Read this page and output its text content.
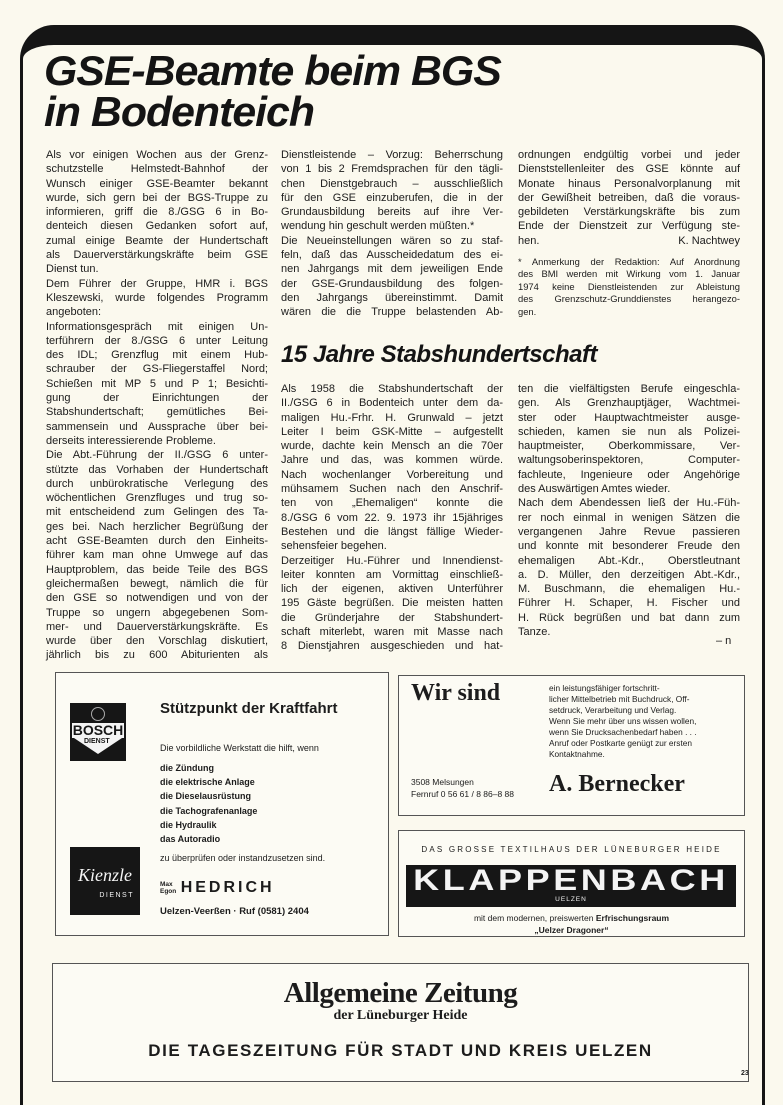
GSE-Beamte beim BGS
in Bodenteich
Als vor einigen Wochen aus der Grenz-
schutzstelle Helmstedt-Bahnhof der
Wunsch einiger GSE-Beamter bekannt
wurde, sich gern bei der BGS-Truppe zu
informieren, griff die 8./GSG 6 in Bo-
denteich diesen Gedanken sofort auf,
zumal einige Beamte der Hundertschaft
als Dauerverstärkungskräfte beim GSE
Dienst tun.
Dem Führer der Gruppe, HMR i. BGS
Kleszewski, wurde folgendes Programm
angeboten:
Informationsgespräch mit einigen Un-
terführern der 8./GSG 6 unter Leitung
des IDL; Grenzflug mit einem Hub-
schrauber der GS-Fliegerstaffel Nord;
Schießen mit MP 5 und P 1; Besichti-
gung der Einrichtungen der
Stabshundertschaft; gemütliches Bei-
sammensein und Aussprache über bei-
derseits interessierende Probleme.
Die Abt.-Führung der II./GSG 6 unter-
stützte das Vorhaben der Hundertschaft
durch unbürokratische Verlegung des
wöchentlichen Grenzfluges und trug so-
mit entscheidend zum Gelingen des Ta-
ges bei. Nach herzlicher Begrüßung der
acht GSE-Beamten durch den Einheits-
führer kam man ohne Umwege auf das
Hauptproblem, das beide Teile des BGS
gleichermaßen bewegt, nämlich die für
den GSE so notwendigen und von der
Truppe so ungern abgegebenen Som-
mer- und Dauerverstärkungskräfte. Es
wurde über den Vorschlag diskutiert,
jährlich bis zu 600 Abiturienten als
Dienstleistende – Vorzug: Beherrschung
von 1 bis 2 Fremdsprachen für den tägli-
chen Dienstgebrauch – ausschließlich
für den GSE einzuberufen, die in der
Grundausbildung bereits auf ihre Ver-
wendung hin geschult werden müßten.*
Die Neueinstellungen wären so zu staf-
feln, daß das Ausscheidedatum des ei-
nen Jahrgangs mit dem jeweiligen Ende
der GSE-Grundausbildung des folgen-
den Jahrgangs übereinstimmt. Damit
wären die die Truppe belastenden Ab-
ordnungen endgültig vorbei und jeder
Dienststellenleiter des GSE könnte auf
Monate hinaus Personalvorplanung mit
der Gewißheit betreiben, daß die voraus-
gebildeten Verstärkungskräfte bis zum
Ende der Dienstzeit zur Verfügung ste-
hen.	K. Nachtwey
* Anmerkung der Redaktion: Auf Anordnung
des BMI werden mit Wirkung vom 1. Januar
1974 keine Dienstleistenden zur Ableistung
des Grenzschutz-Grunddienstes herangezo-
gen.
15 Jahre Stabshundertschaft
Als 1958 die Stabshundertschaft der
II./GSG 6 in Bodenteich unter dem da-
maligen Hu.-Frhr. H. Grunwald – jetzt
Leiter I beim GSK-Mitte – aufgestellt
wurde, dachte kein Mensch an die 70er
Jahre und das, was kommen würde.
Nach wochenlanger Vorbereitung und
mühsamem Suchen nach den Anschrif-
ten von „Ehemaligen“ konnte die
8./GSG 6 vom 22. 9. 1973 ihr 15jähriges
Bestehen und die längst fällige Wieder-
sehensfeier begehen.
Derzeitiger Hu.-Führer und Innendienst-
leiter konnten am Vormittag einschließ-
lich der eigenen, aktiven Unterführer
195 Gäste begrüßen. Die meisten hatten
die Gründerjahre der Stabshundert-
schaft miterlebt, waren mit Masse nach
8 Dienstjahren ausgeschieden und hat-
ten die vielfältigsten Berufe eingeschla-
gen. Als Grenzhauptjäger, Wachtmei-
ster oder Hauptwachtmeister ausge-
schieden, kamen sie nun als Polizei-
hauptmeister, Oberkommissare, Ver-
waltungsoberinspektoren, Computer-
fachleute, Ingenieure oder Angehörige
des Auswärtigen Amtes wieder.
Nach dem Abendessen ließ der Hu.-Füh-
rer noch einmal in wenigen Sätzen die
vergangenen Jahre Revue passieren
und konnte mit besonderer Freude den
ehemaligen Abt.-Kdr., Oberstleutnant
a. D. Müller, den derzeitigen Abt.-Kdr.,
M. Buschmann, die ehemaligen Hu.-
Führer H. Schaper, H. Fischer und
H. Rück begrüßen und bat dann zum
Tanze.
– n
BOSCH
DIENST
Kienzle
DIENST
Stützpunkt der Kraftfahrt
Die vorbildliche Werkstatt die hilft, wenn
die Zündung
die elektrische Anlage
die Dieselausrüstung
die Tachografenanlage
die Hydraulik
das Autoradio
zu überprüfen oder instandzusetzen sind.
Max
Egon HEDRICH
Uelzen-Veerßen · Ruf (0581) 2404
Wir sind	ein leistungsfähiger fortschritt-
licher Mittelbetrieb mit Buchdruck, Off-
setdruck, Verarbeitung und Verlag.
Wenn Sie mehr über uns wissen wollen,
wenn Sie Drucksachenbedarf haben . . .
Anruf oder Postkarte genügt zur ersten
Kontaktnahme.
3508 Melsungen
Fernruf 0 56 61 / 8 86–8 88 A. Bernecker
DAS GROSSE TEXTILHAUS DER LÜNEBURGER HEIDE
KLAPPENBACH
UELZEN
mit dem modernen, preiswerten Erfrischungsraum
„Uelzer Dragoner“
Allgemeine Zeitung
der Lüneburger Heide
DIE TAGESZEITUNG FÜR STADT UND KREIS UELZEN
23
